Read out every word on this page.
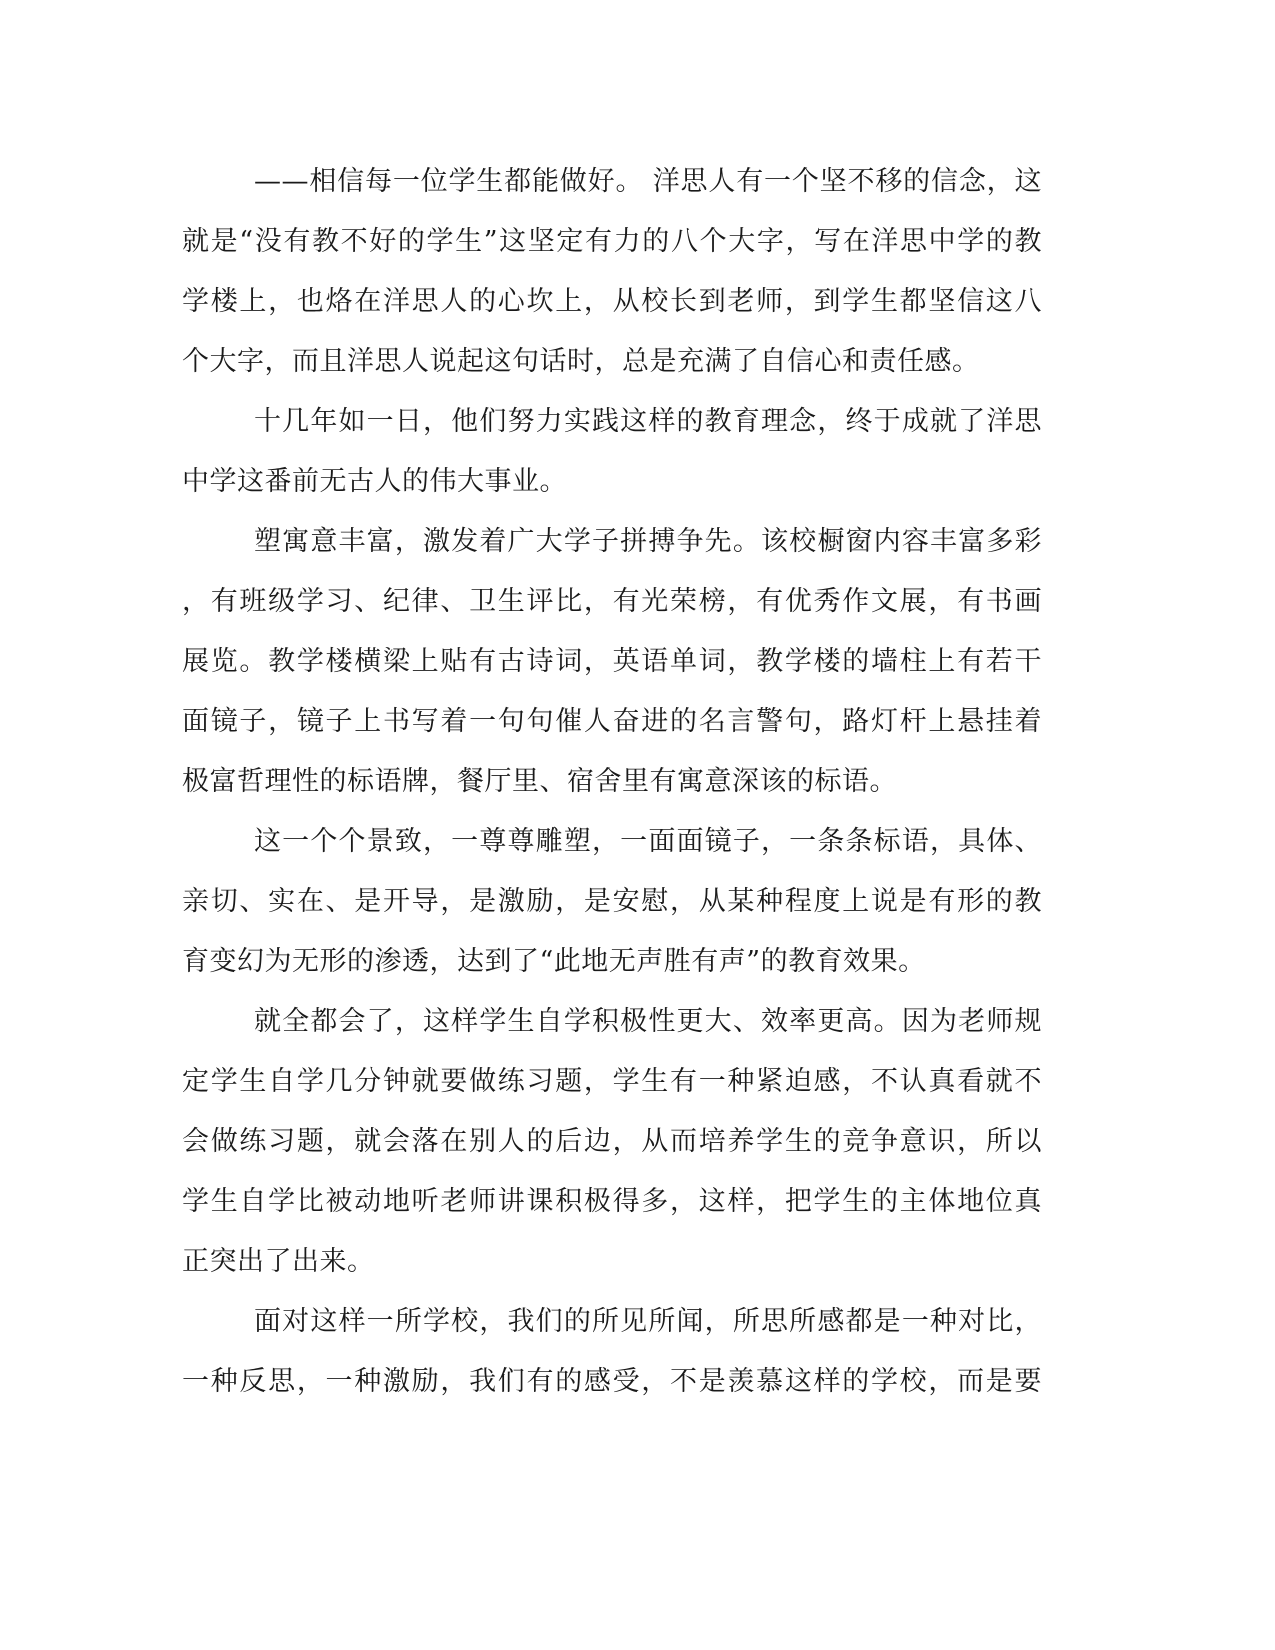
——相信每一位学生都能做好。 洋思人有一个坚不移的信念，这
就是“没有教不好的学生”这坚定有力的八个大字，写在洋思中学的教
学楼上，也烙在洋思人的心坎上，从校长到老师，到学生都坚信这八
个大字，而且洋思人说起这句话时，总是充满了自信心和责任感。
十几年如一日，他们努力实践这样的教育理念，终于成就了洋思
中学这番前无古人的伟大事业。
塑寓意丰富，激发着广大学子拼搏争先。该校橱窗内容丰富多彩
，有班级学习、纪律、卫生评比，有光荣榜，有优秀作文展，有书画
展览。教学楼横梁上贴有古诗词，英语单词，教学楼的墙柱上有若干
面镜子，镜子上书写着一句句催人奋进的名言警句，路灯杆上悬挂着
极富哲理性的标语牌，餐厅里、宿舍里有寓意深该的标语。
这一个个景致，一尊尊雕塑，一面面镜子，一条条标语，具体、
亲切、实在、是开导，是激励，是安慰，从某种程度上说是有形的教
育变幻为无形的渗透，达到了“此地无声胜有声”的教育效果。
就全都会了，这样学生自学积极性更大、效率更高。因为老师规
定学生自学几分钟就要做练习题，学生有一种紧迫感，不认真看就不
会做练习题，就会落在别人的后边，从而培养学生的竞争意识，所以
学生自学比被动地听老师讲课积极得多，这样，把学生的主体地位真
正突出了出来。
面对这样一所学校，我们的所见所闻，所思所感都是一种对比，
一种反思，一种激励，我们有的感受，不是羡慕这样的学校，而是要
